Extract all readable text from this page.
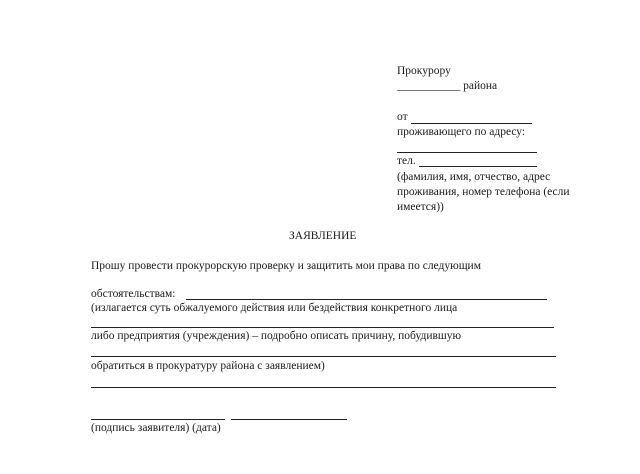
Прокурору
___________ района
от
проживающего по адресу:
тел.
(фамилия, имя, отчество, адрес
проживания, номер телефона (если
имеется))
ЗАЯВЛЕНИЕ
Прошу провести прокурорскую проверку и защитить мои права по следующим
обстоятельствам:
(излагается суть обжалуемого действия или бездействия конкретного лица
либо предприятия (учреждения) – подробно описать причину, побудившую
обратиться в прокуратуру района с заявлением)
(подпись заявителя) (дата)
